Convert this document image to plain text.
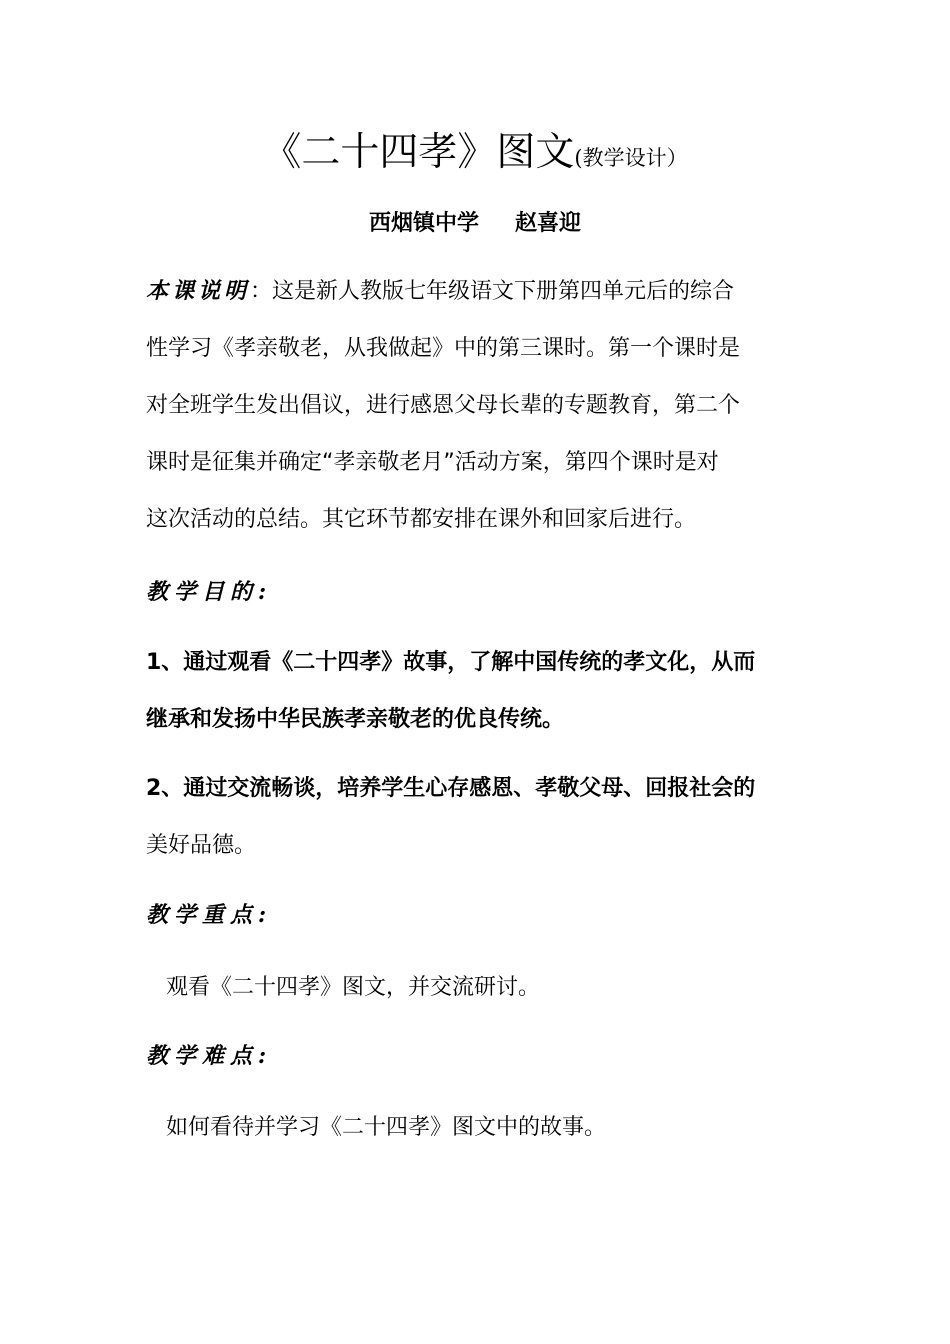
《二十四孝》图文(教学设计）
西烟镇中学 赵喜迎
本课说明：这是新人教版七年级语文下册第四单元后的综合
性学习《孝亲敬老，从我做起》中的第三课时。第一个课时是
对全班学生发出倡议，进行感恩父母长辈的专题教育，第二个
课时是征集并确定“孝亲敬老月”活动方案，第四个课时是对
这次活动的总结。其它环节都安排在课外和回家后进行。
教学目的:
1、通过观看《二十四孝》故事，了解中国传统的孝文化，从而
继承和发扬中华民族孝亲敬老的优良传统。
2、通过交流畅谈，培养学生心存感恩、孝敬父母、回报社会的
美好品德。
教学重点:
观看《二十四孝》图文，并交流研讨。
教学难点:
如何看待并学习《二十四孝》图文中的故事。
